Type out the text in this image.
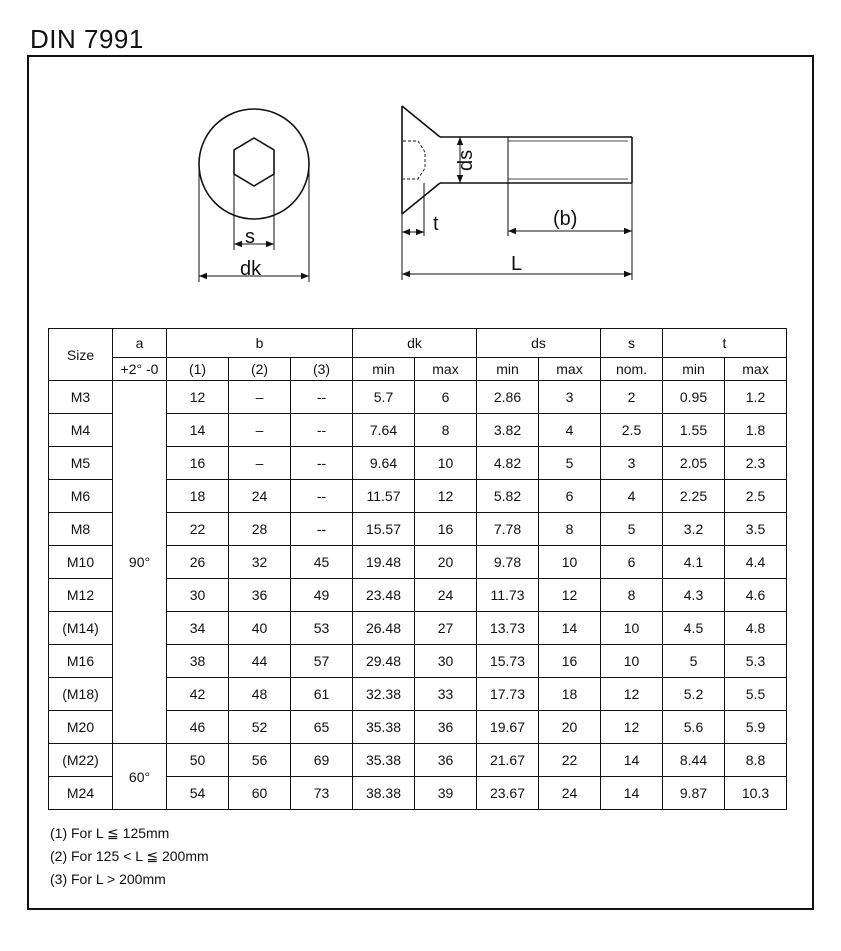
DIN 7991
s
dk
ds
t	(b)
L
Size	a	b			dk		ds		s	t	
	+2° -0	(1)	(2)	(3)	min	max	min	max	nom.	min	max
M3	90°	12	–	--	5.7	6	2.86	3	2	0.95	1.2
M4		14	–	--	7.64	8	3.82	4	2.5	1.55	1.8
M5		16	–	--	9.64	10	4.82	5	3	2.05	2.3
M6		18	24	--	11.57	12	5.82	6	4	2.25	2.5
M8		22	28	--	15.57	16	7.78	8	5	3.2	3.5
M10		26	32	45	19.48	20	9.78	10	6	4.1	4.4
M12		30	36	49	23.48	24	11.73	12	8	4.3	4.6
(M14)		34	40	53	26.48	27	13.73	14	10	4.5	4.8
M16		38	44	57	29.48	30	15.73	16	10	5	5.3
(M18)		42	48	61	32.38	33	17.73	18	12	5.2	5.5
M20		46	52	65	35.38	36	19.67	20	12	5.6	5.9
(M22)	60°	50	56	69	35.38	36	21.67	22	14	8.44	8.8
M24		54	60	73	38.38	39	23.67	24	14	9.87	10.3
(1) For L ≦ 125mm
(2) For 125 < L ≦ 200mm
(3) For L > 200mm
